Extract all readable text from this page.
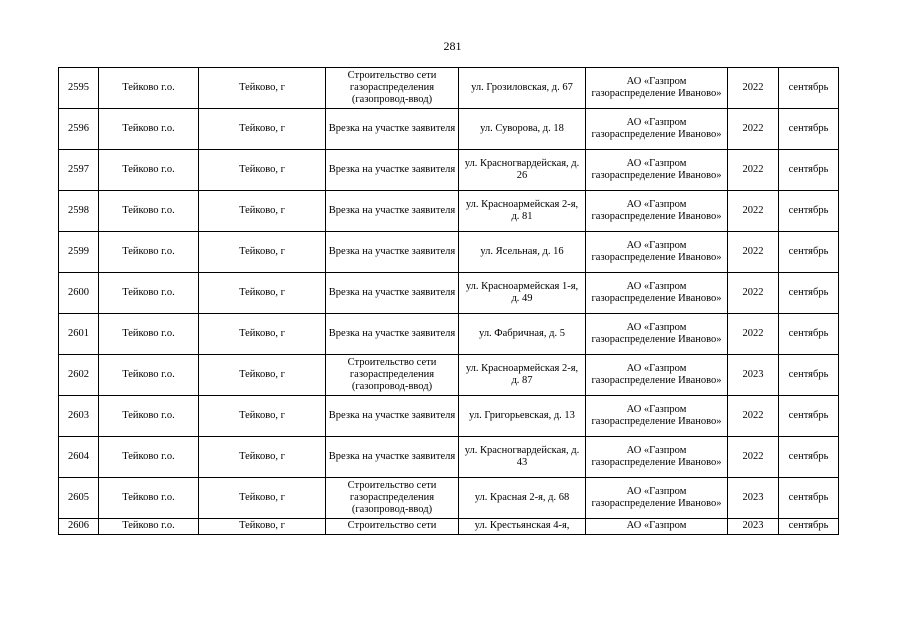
281
2595	Тейково г.о.	Тейково, г	Строительство сети газораспределения (газопровод-ввод)	ул. Грозиловская, д. 67	АО «Газпром газораспределение Иваново»	2022	сентябрь
2596	Тейково г.о.	Тейково, г	Врезка на участке заявителя	ул. Суворова, д. 18	АО «Газпром газораспределение Иваново»	2022	сентябрь
2597	Тейково г.о.	Тейково, г	Врезка на участке заявителя	ул. Красногвардейская, д. 26	АО «Газпром газораспределение Иваново»	2022	сентябрь
2598	Тейково г.о.	Тейково, г	Врезка на участке заявителя	ул. Красноармейская 2-я, д. 81	АО «Газпром газораспределение Иваново»	2022	сентябрь
2599	Тейково г.о.	Тейково, г	Врезка на участке заявителя	ул. Ясельная, д. 16	АО «Газпром газораспределение Иваново»	2022	сентябрь
2600	Тейково г.о.	Тейково, г	Врезка на участке заявителя	ул. Красноармейская 1-я, д. 49	АО «Газпром газораспределение Иваново»	2022	сентябрь
2601	Тейково г.о.	Тейково, г	Врезка на участке заявителя	ул. Фабричная, д. 5	АО «Газпром газораспределение Иваново»	2022	сентябрь
2602	Тейково г.о.	Тейково, г	Строительство сети газораспределения (газопровод-ввод)	ул. Красноармейская 2-я, д. 87	АО «Газпром газораспределение Иваново»	2023	сентябрь
2603	Тейково г.о.	Тейково, г	Врезка на участке заявителя	ул. Григорьевская, д. 13	АО «Газпром газораспределение Иваново»	2022	сентябрь
2604	Тейково г.о.	Тейково, г	Врезка на участке заявителя	ул. Красногвардейская, д. 43	АО «Газпром газораспределение Иваново»	2022	сентябрь
2605	Тейково г.о.	Тейково, г	Строительство сети газораспределения (газопровод-ввод)	ул. Красная 2-я, д. 68	АО «Газпром газораспределение Иваново»	2023	сентябрь
2606	Тейково г.о.	Тейково, г	Строительство сети	ул. Крестьянская 4-я,	АО «Газпром	2023	сентябрь
